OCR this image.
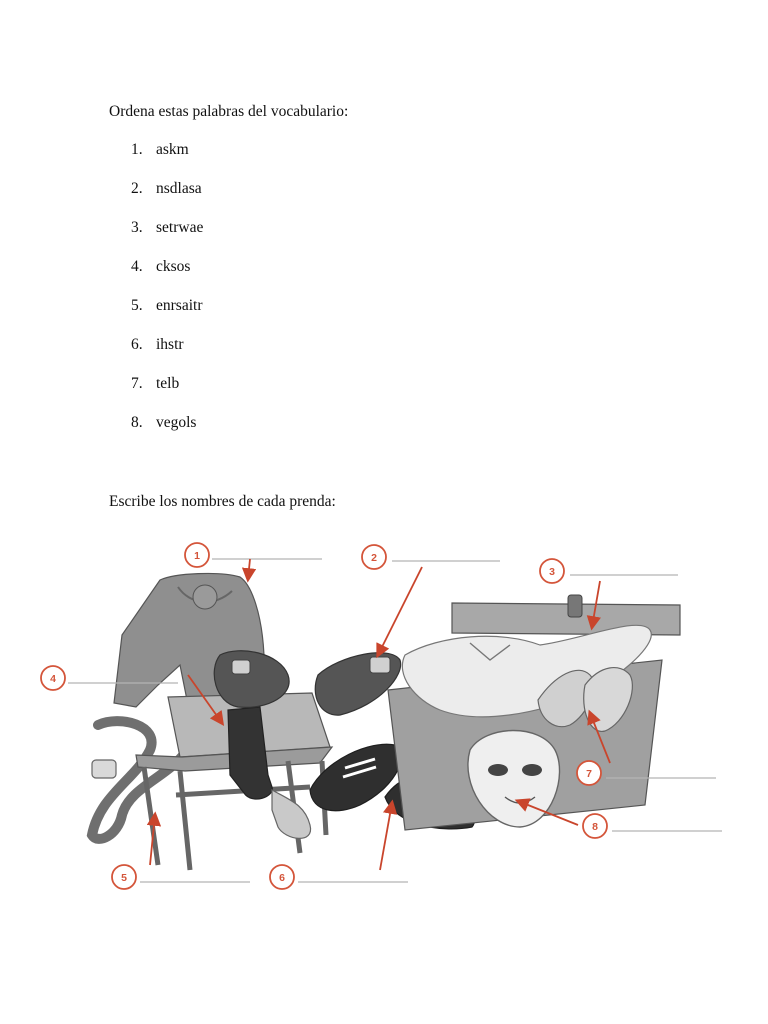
Ordena estas palabras del vocabulario:
1. askm
2. nsdlasa
3. setrwae
4. cksos
5. enrsaitr
6. ihstr
7. telb
8. vegols
Escribe los nombres de cada prenda:
1	2
3
4
5	6
7
8
